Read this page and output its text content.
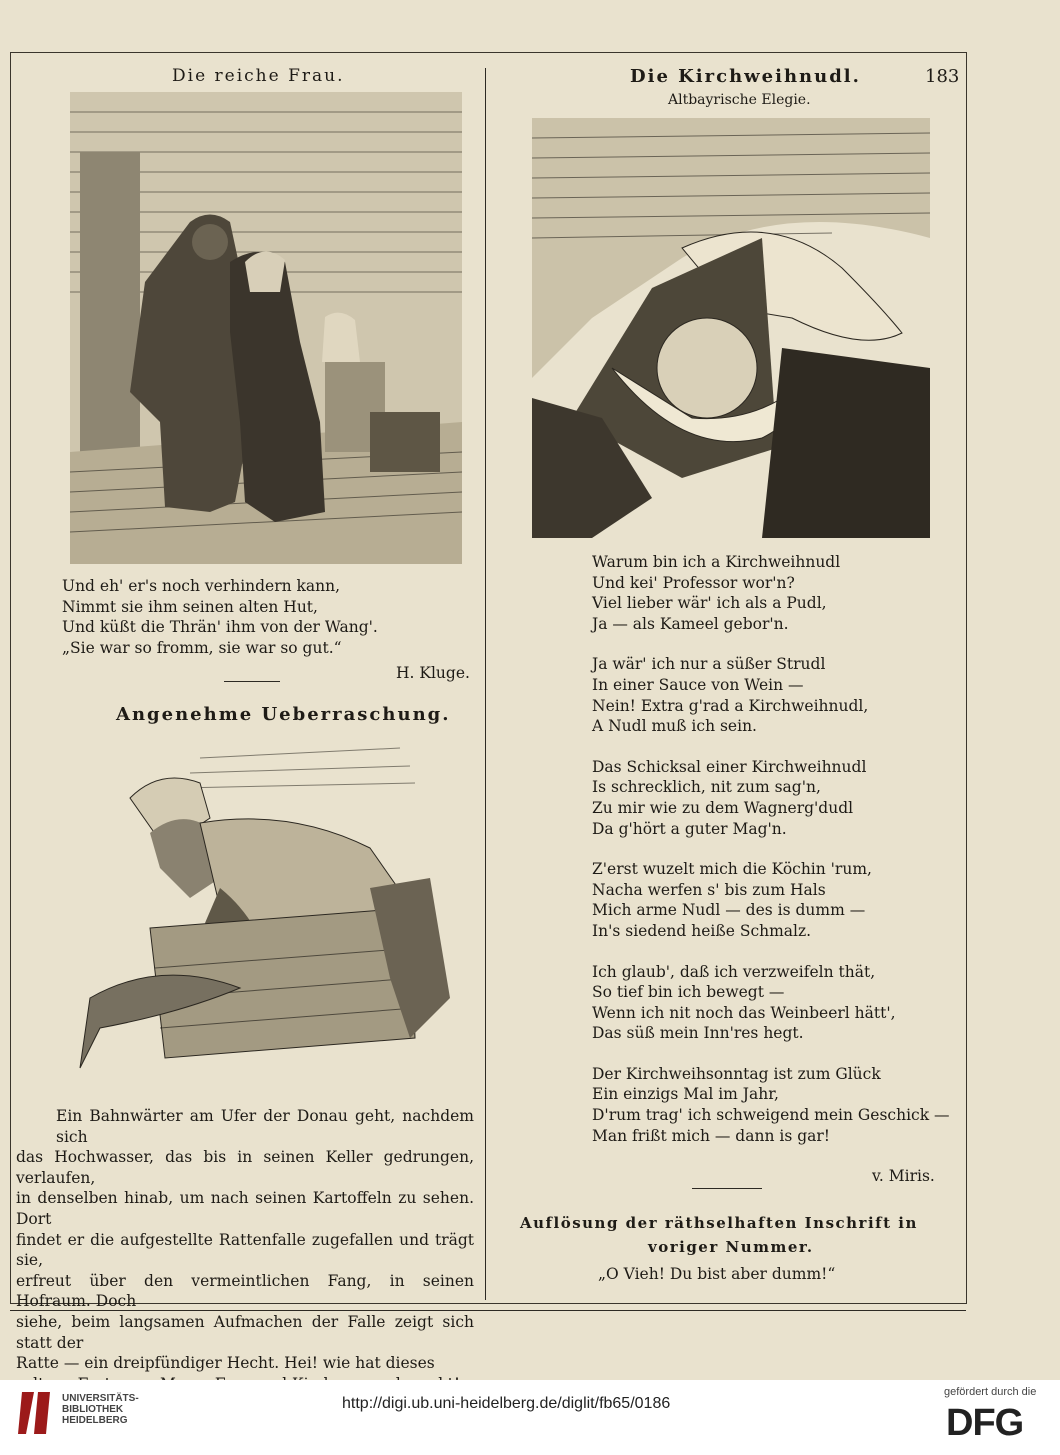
Die reiche Frau.
Und eh' er's noch verhindern kann,
Nimmt sie ihm seinen alten Hut,
Und küßt die Thrän' ihm von der Wang'.
„Sie war so fromm, sie war so gut.“
H. Kluge.
Angenehme Ueberraschung.
Ein Bahnwärter am Ufer der Donau geht, nachdem sich
das Hochwasser, das bis in seinen Keller gedrungen, verlaufen,
in denselben hinab, um nach seinen Kartoffeln zu sehen. Dort
findet er die aufgestellte Rattenfalle zugefallen und trägt sie,
erfreut über den vermeintlichen Fang, in seinen Hofraum. Doch
siehe, beim langsamen Aufmachen der Falle zeigt sich statt der
Ratte — ein dreipfündiger Hecht. Hei! wie hat dieses
Die Kirchweihnudl.	183
Altbayrische Elegie.
Warum bin ich a Kirchweihnudl
Und kei' Professor wor'n?
Viel lieber wär' ich als a Pudl,
Ja — als Kameel gebor'n.
Ja wär' ich nur a süßer Strudl
In einer Sauce von Wein —
Nein! Extra g'rad a Kirchweihnudl,
A Nudl muß ich sein.
Das Schicksal einer Kirchweihnudl
Is schrecklich, nit zum sag'n,
Zu mir wie zu dem Wagnerg'dudl
Da g'hört a guter Mag'n.
Z'erst wuzelt mich die Köchin 'rum,
Nacha werfen s' bis zum Hals
Mich arme Nudl — des is dumm —
In's siedend heiße Schmalz.
Ich glaub', daß ich verzweifeln thät,
So tief bin ich bewegt —
Wenn ich nit noch das Weinbeerl hätt',
Das süß mein Inn'res hegt.
Der Kirchweihsonntag ist zum Glück
Ein einzigs Mal im Jahr,
D'rum trag' ich schweigend mein Geschick —
Man frißt mich — dann is gar!
v. Miris.
Auflösung der räthselhaften Inschrift in
voriger Nummer.
„O Vieh! Du bist aber dumm!“
UNIVERSITÄTS-
BIBLIOTHEK
HEIDELBERG
http://digi.ub.uni-heidelberg.de/diglit/fb65/0186
gefördert durch die
DFG
